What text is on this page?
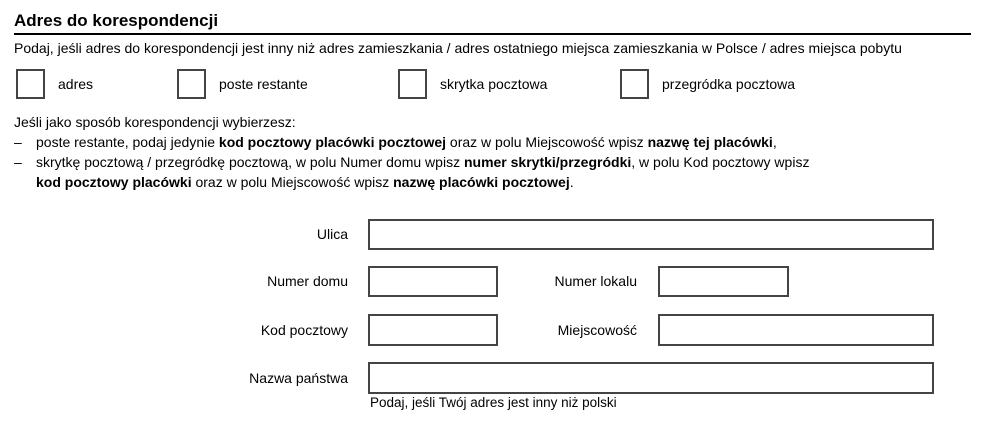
Adres do korespondencji
Podaj, jeśli adres do korespondencji jest inny niż adres zamieszkania / adres ostatniego miejsca zamieszkania w Polsce / adres miejsca pobytu
adres	poste restante	skrytka pocztowa	przegródka pocztowa
Jeśli jako sposób korespondencji wybierzesz:
–	poste restante, podaj jedynie kod pocztowy placówki pocztowej oraz w polu Miejscowość wpisz nazwę tej placówki,
–	skrytkę pocztową / przegródkę pocztową, w polu Numer domu wpisz numer skrytki/przegródki, w polu Kod pocztowy wpisz
kod pocztowy placówki oraz w polu Miejscowość wpisz nazwę placówki pocztowej.
Ulica
Numer domu	Numer lokalu
Kod pocztowy	Miejscowość
Nazwa państwa
Podaj, jeśli Twój adres jest inny niż polski
